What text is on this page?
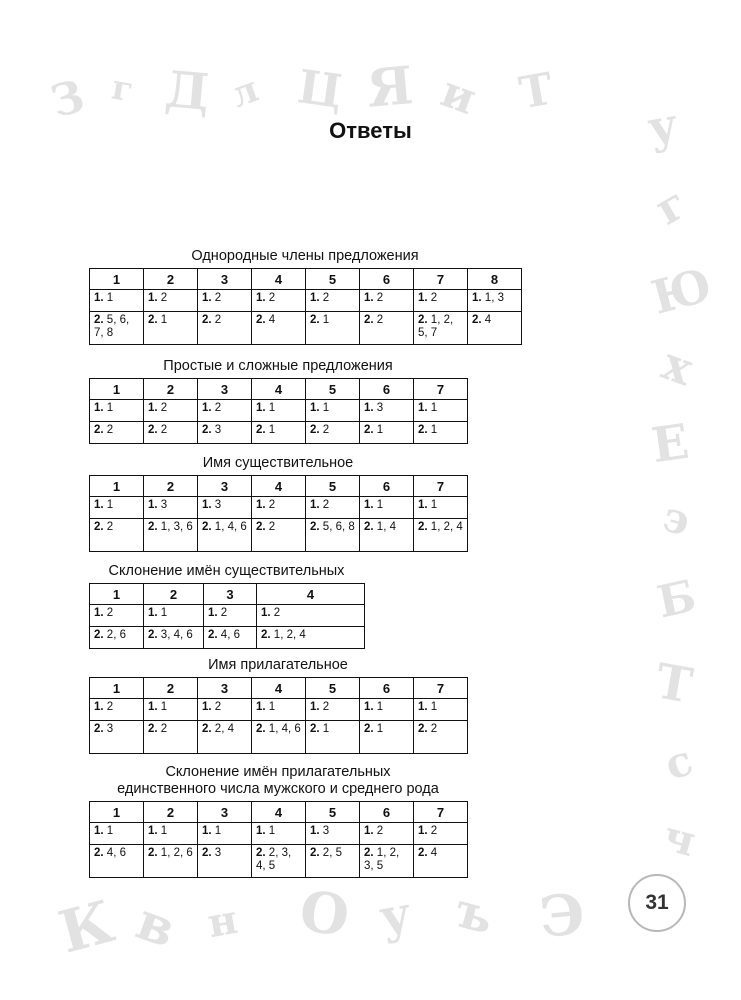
З г Д л Ц Я и Т
у
г
Ю
х
Е
э
Б
Т
с
ч
К в н О у ъ Э
Ответы
Однородные члены предложения
1	2	3	4	5	6	7	8
1. 1	1. 2	1. 2	1. 2	1. 2	1. 2	1. 2	1. 1, 3
2. 5, 6, 7, 8	2. 1	2. 2	2. 4	2. 1	2. 2	2. 1, 2, 5, 7	2. 4
Простые и сложные предложения
1	2	3	4	5	6	7
1. 1	1. 2	1. 2	1. 1	1. 1	1. 3	1. 1
2. 2	2. 2	2. 3	2. 1	2. 2	2. 1	2. 1
Имя существительное
1	2	3	4	5	6	7
1. 1	1. 3	1. 3	1. 2	1. 2	1. 1	1. 1
2. 2	2. 1, 3, 6	2. 1, 4, 6	2. 2	2. 5, 6, 8	2. 1, 4	2. 1, 2, 4
Склонение имён существительных
1	2	3	4
1. 2	1. 1	1. 2	1. 2
2. 2, 6	2. 3, 4, 6	2. 4, 6	2. 1, 2, 4
Имя прилагательное
1	2	3	4	5	6	7
1. 2	1. 1	1. 2	1. 1	1. 2	1. 1	1. 1
2. 3	2. 2	2. 2, 4	2. 1, 4, 6	2. 1	2. 1	2. 2
Склонение имён прилагательных
единственного числа мужского и среднего рода
1	2	3	4	5	6	7
1. 1	1. 1	1. 1	1. 1	1. 3	1. 2	1. 2
2. 4, 6	2. 1, 2, 6	2. 3	2. 2, 3, 4, 5	2. 2, 5	2. 1, 2, 3, 5	2. 4
31
